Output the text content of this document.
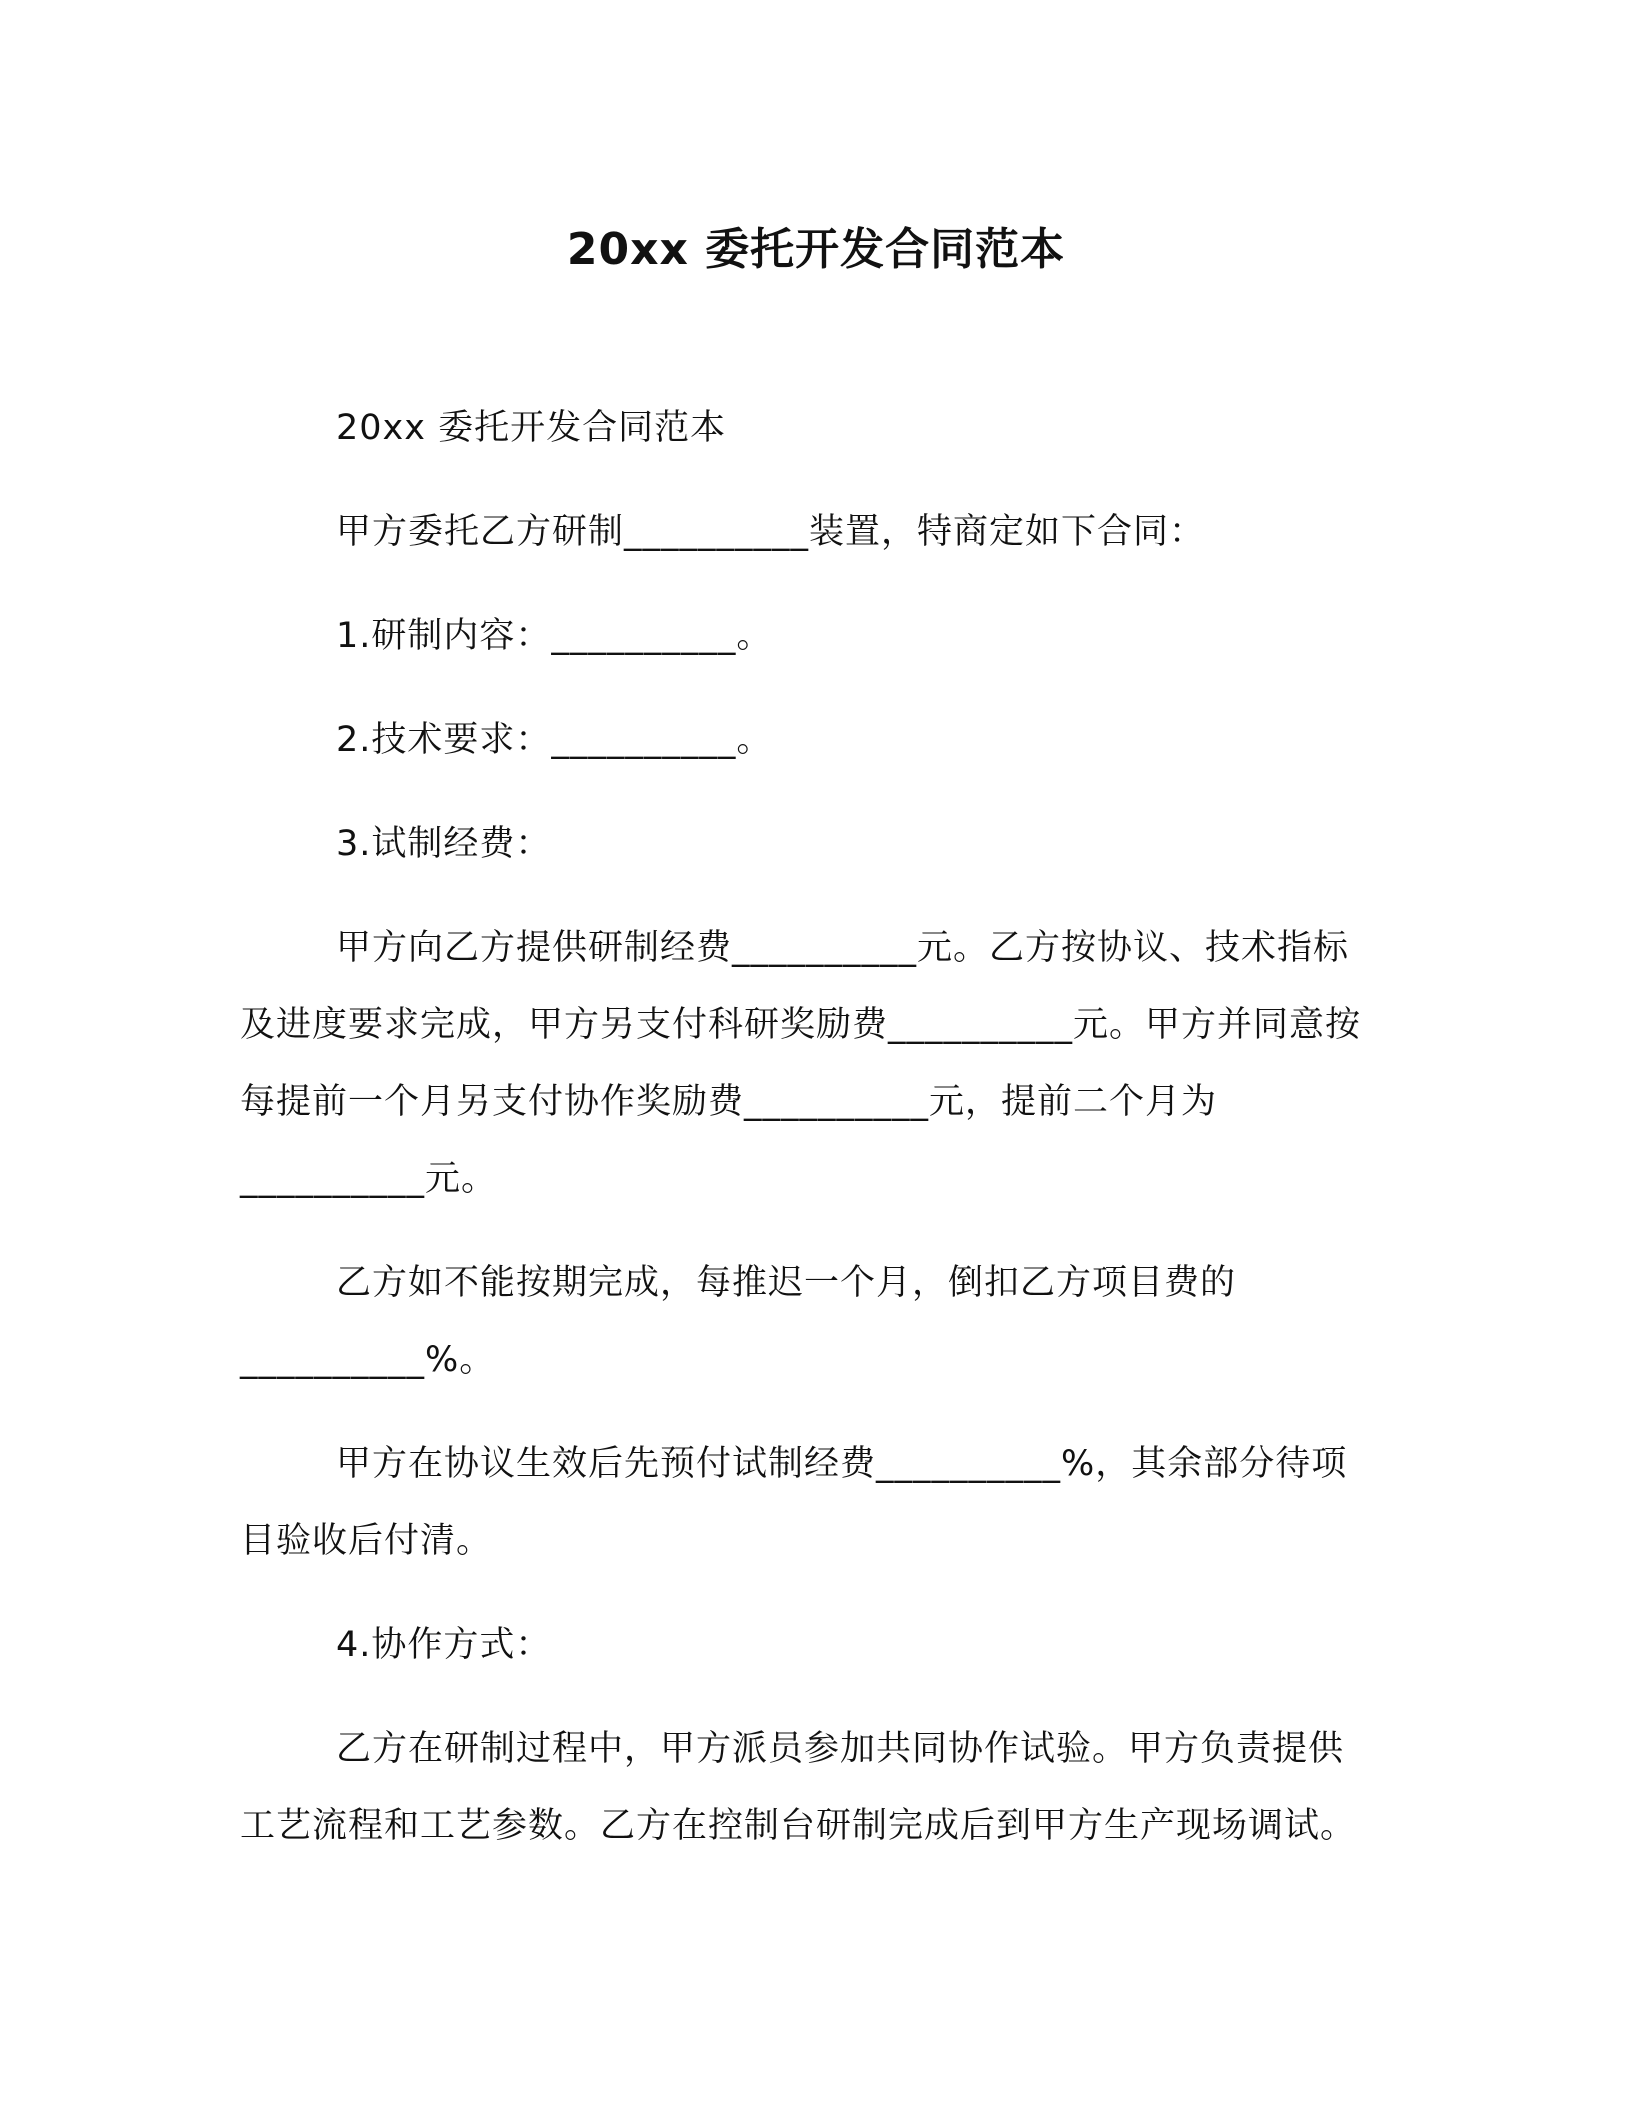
20xx 委托开发合同范本

20xx 委托开发合同范本

甲方委托乙方研制__________装置，特商定如下合同：

1.研制内容：__________。

2.技术要求：__________。

3.试制经费：

甲方向乙方提供研制经费__________元。乙方按协议、技术指标及进度要求完成，甲方另支付科研奖励费__________元。甲方并同意按每提前一个月另支付协作奖励费__________元，提前二个月为__________元。

乙方如不能按期完成，每推迟一个月，倒扣乙方项目费的__________%。

甲方在协议生效后先预付试制经费__________%，其余部分待项目验收后付清。

4.协作方式：

乙方在研制过程中，甲方派员参加共同协作试验。甲方负责提供工艺流程和工艺参数。乙方在控制台研制完成后到甲方生产现场调试。
